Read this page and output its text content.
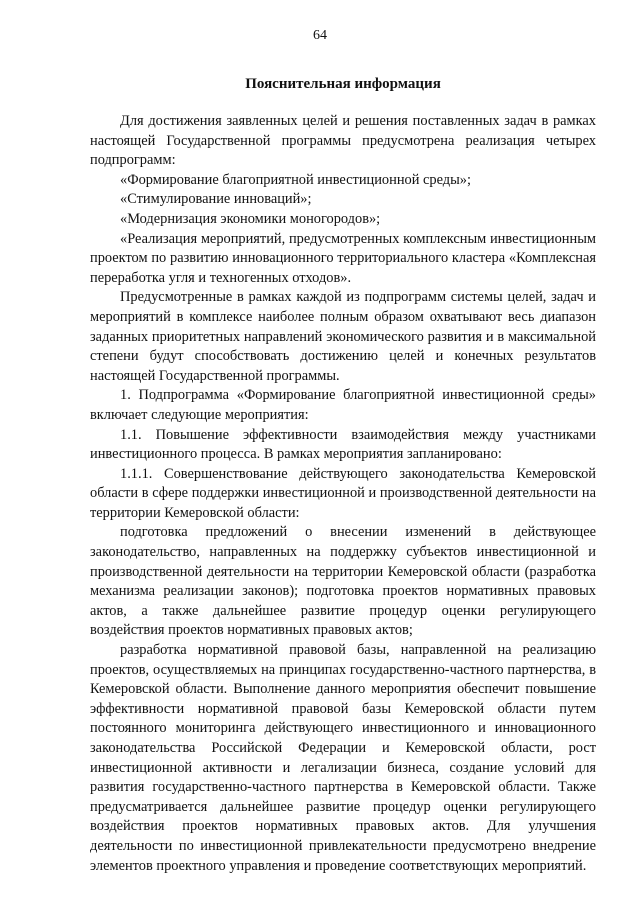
64
Пояснительная информация

Для достижения заявленных целей и решения поставленных задач в рамках настоящей Государственной программы предусмотрена реализация четырех подпрограмм:

«Формирование благоприятной инвестиционной среды»;

«Стимулирование инноваций»;

«Модернизация экономики моногородов»;

«Реализация мероприятий, предусмотренных комплексным инвестиционным проектом по развитию инновационного территориального кластера «Комплексная переработка угля и техногенных отходов».

Предусмотренные в рамках каждой из подпрограмм системы целей, задач и мероприятий в комплексе наиболее полным образом охватывают весь диапазон заданных приоритетных направлений экономического развития и в максимальной степени будут способствовать достижению целей и конечных результатов настоящей Государственной программы.

1. Подпрограмма «Формирование благоприятной инвестиционной среды» включает следующие мероприятия:

1.1. Повышение эффективности взаимодействия между участниками инвестиционного процесса. В рамках мероприятия запланировано:

1.1.1. Совершенствование действующего законодательства Кемеровской области в сфере поддержки инвестиционной и производственной деятельности на территории Кемеровской области:

подготовка предложений о внесении изменений в действующее законодательство, направленных на поддержку субъектов инвестиционной и производственной деятельности на территории Кемеровской области (разработка механизма реализации законов); подготовка проектов нормативных правовых актов, а также дальнейшее развитие процедур оценки регулирующего воздействия проектов нормативных правовых актов;

разработка нормативной правовой базы, направленной на реализацию проектов, осуществляемых на принципах государственно-частного партнерства, в Кемеровской области. Выполнение данного мероприятия обеспечит повышение эффективности нормативной правовой базы Кемеровской области путем постоянного мониторинга действующего инвестиционного и инновационного законодательства Российской Федерации и Кемеровской области, рост инвестиционной активности и легализации бизнеса, создание условий для развития государственно-частного партнерства в Кемеровской области. Также предусматривается дальнейшее развитие процедур оценки регулирующего воздействия проектов нормативных правовых актов. Для улучшения деятельности по инвестиционной привлекательности предусмотрено внедрение элементов проектного управления и проведение соответствующих мероприятий.
